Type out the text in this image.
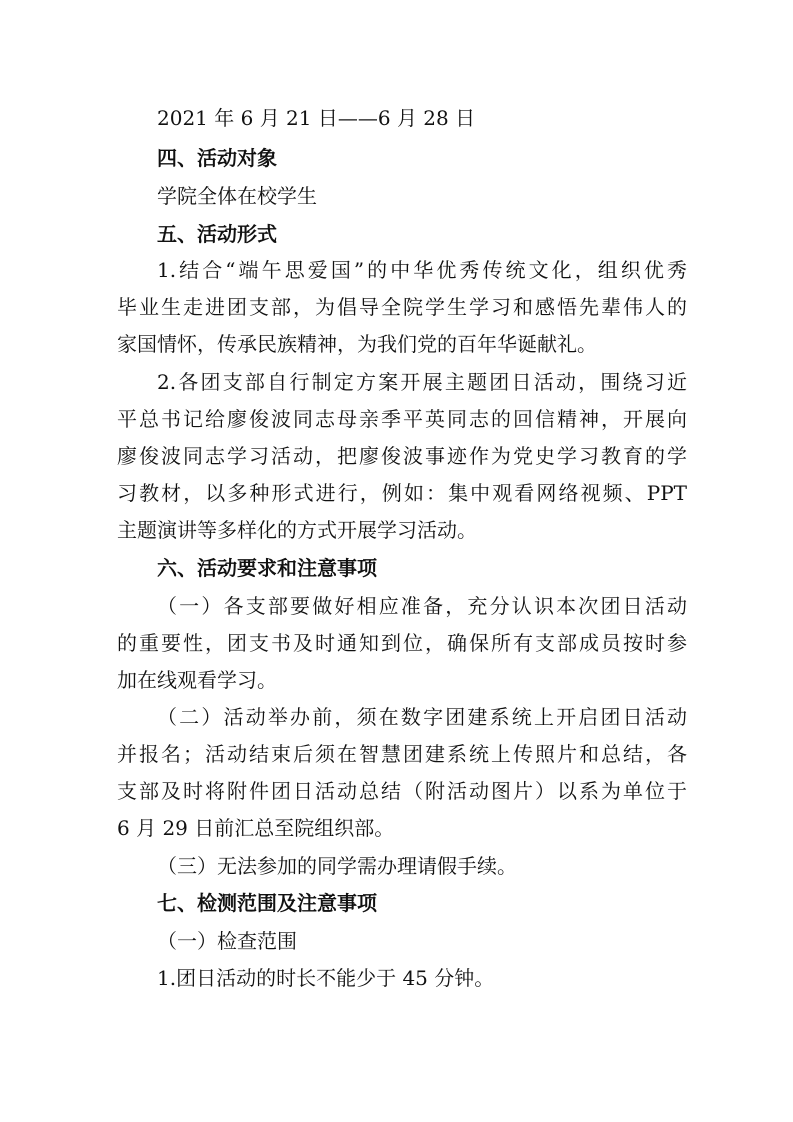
2021 年 6 月 21 日——6 月 28 日
四、活动对象
学院全体在校学生
五、活动形式
1.结合“端午思爱国”的中华优秀传统文化，组织优秀
毕业生走进团支部，为倡导全院学生学习和感悟先辈伟人的
家国情怀，传承民族精神，为我们党的百年华诞献礼。
2.各团支部自行制定方案开展主题团日活动，围绕习近
平总书记给廖俊波同志母亲季平英同志的回信精神，开展向
廖俊波同志学习活动，把廖俊波事迹作为党史学习教育的学
习教材，以多种形式进行，例如：集中观看网络视频、PPT
主题演讲等多样化的方式开展学习活动。
六、活动要求和注意事项
（一）各支部要做好相应准备，充分认识本次团日活动
的重要性，团支书及时通知到位，确保所有支部成员按时参
加在线观看学习。
（二）活动举办前，须在数字团建系统上开启团日活动
并报名；活动结束后须在智慧团建系统上传照片和总结，各
支部及时将附件团日活动总结（附活动图片）以系为单位于
6 月 29 日前汇总至院组织部。
（三）无法参加的同学需办理请假手续。
七、检测范围及注意事项
（一）检查范围
1.团日活动的时长不能少于 45 分钟。
